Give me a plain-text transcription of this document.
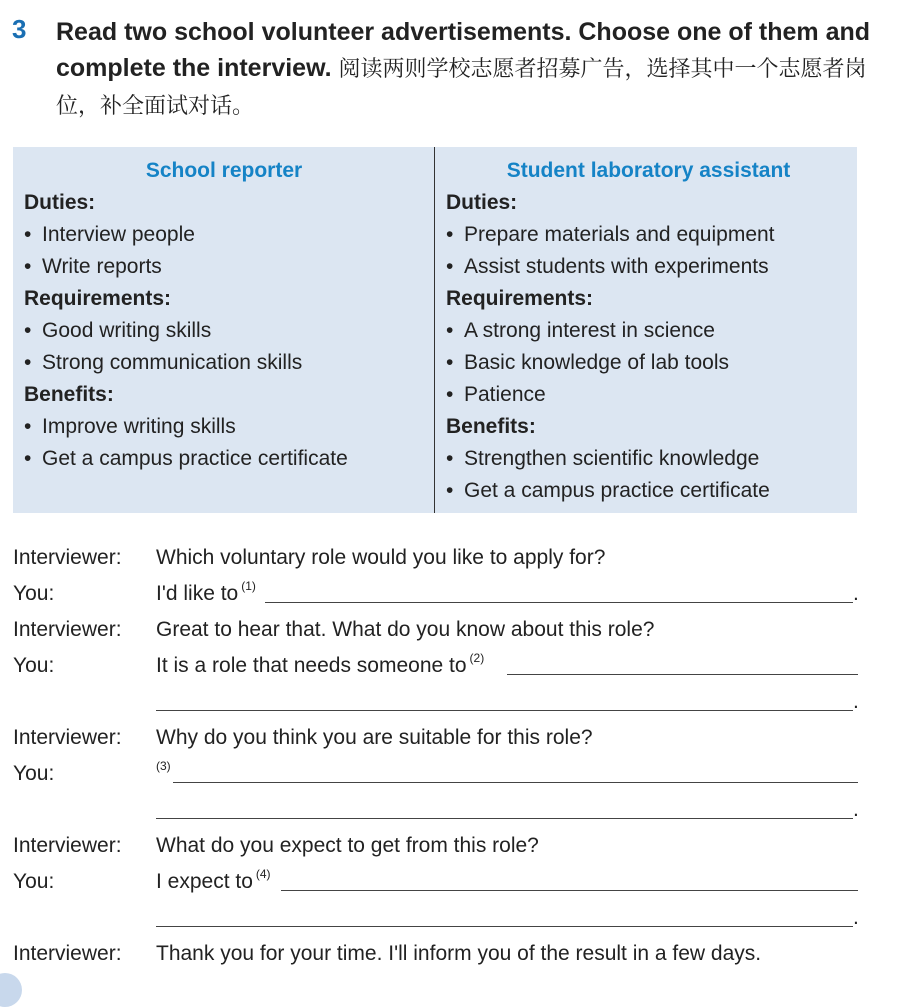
3 Read two school volunteer advertisements. Choose one of them and complete the interview. 阅读两则学校志愿者招募广告，选择其中一个志愿者岗位，补全面试对话。
School reporter
Duties:
• Interview people
• Write reports
Requirements:
• Good writing skills
• Strong communication skills
Benefits:
• Improve writing skills
• Get a campus practice certificate
Student laboratory assistant
Duties:
• Prepare materials and equipment
• Assist students with experiments
Requirements:
• A strong interest in science
• Basic knowledge of lab tools
• Patience
Benefits:
• Strengthen scientific knowledge
• Get a campus practice certificate
Interviewer: Which voluntary role would you like to apply for?
You:	I'd like to $^{(1)}$	.
Interviewer: Great to hear that. What do you know about this role?
You:	It is a role that needs someone to $^{(2)}$
.
Interviewer: Why do you think you are suitable for this role?
You:	$^{(3)}$
.
Interviewer: What do you expect to get from this role?
You:	I expect to $^{(4)}$
.
Interviewer: Thank you for your time. I'll inform you of the result in a few days.
